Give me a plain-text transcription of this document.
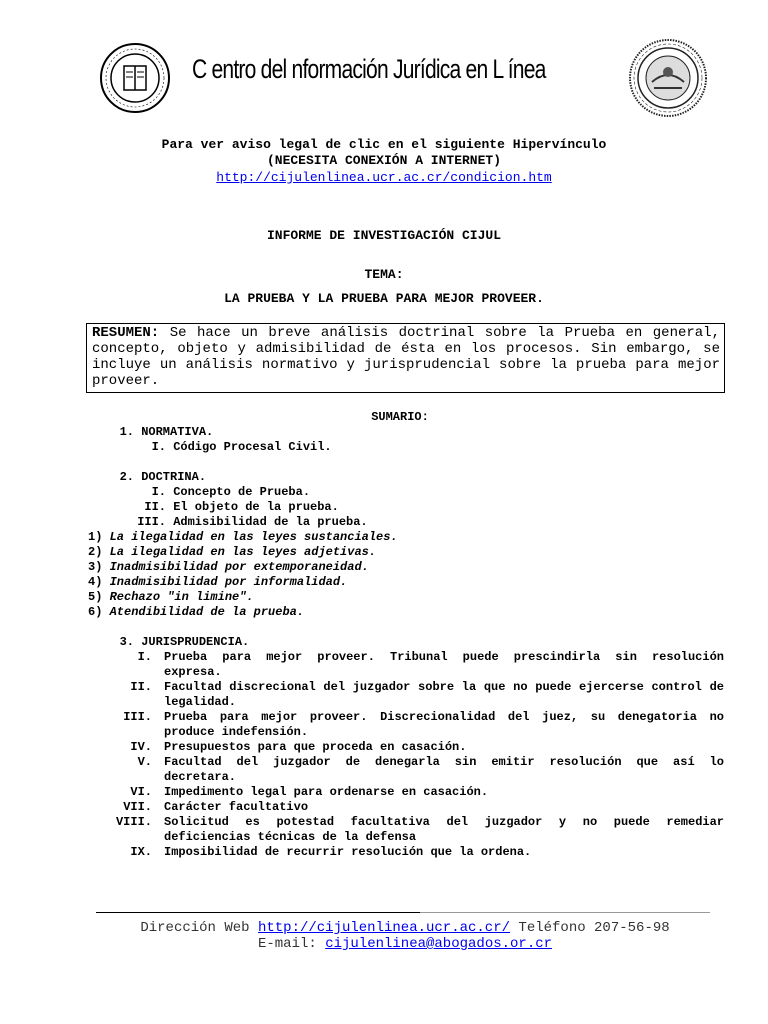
C entro del nformación Jurídica en L ínea
Para ver aviso legal de clic en el siguiente Hipervínculo
(NECESITA CONEXIÓN A INTERNET)
http://cijulenlinea.ucr.ac.cr/condicion.htm
INFORME DE INVESTIGACIÓN CIJUL
TEMA:
LA PRUEBA Y LA PRUEBA PARA MEJOR PROVEER.
RESUMEN: Se hace un breve análisis doctrinal sobre la Prueba en general, concepto, objeto y admisibilidad de ésta en los procesos. Sin embargo, se incluye un análisis normativo y jurisprudencial sobre la prueba para mejor proveer.
SUMARIO:
1. NORMATIVA.
I. Código Procesal Civil.
2. DOCTRINA.
I. Concepto de Prueba.
II. El objeto de la prueba.
III. Admisibilidad de la prueba.
1) La ilegalidad en las leyes sustanciales.
2) La ilegalidad en las leyes adjetivas.
3) Inadmisibilidad por extemporaneidad.
4) Inadmisibilidad por informalidad.
5) Rechazo "in limine".
6) Atendibilidad de la prueba.
3. JURISPRUDENCIA.
I.	Prueba para mejor proveer. Tribunal puede prescindirla sin resolución expresa.
II.	Facultad discrecional del juzgador sobre la que no puede ejercerse control de legalidad.
III.	Prueba para mejor proveer. Discrecionalidad del juez, su denegatoria no produce indefensión.
IV.	Presupuestos para que proceda en casación.
V.	Facultad del juzgador de denegarla sin emitir resolución que así lo decretara.
VI.	Impedimento legal para ordenarse en casación.
VII.	Carácter facultativo
VIII.	Solicitud es potestad facultativa del juzgador y no puede remediar deficiencias técnicas de la defensa
IX.	Imposibilidad de recurrir resolución que la ordena.
Dirección Web http://cijulenlinea.ucr.ac.cr/ Teléfono 207-56-98
E-mail: cijulenlinea@abogados.or.cr
